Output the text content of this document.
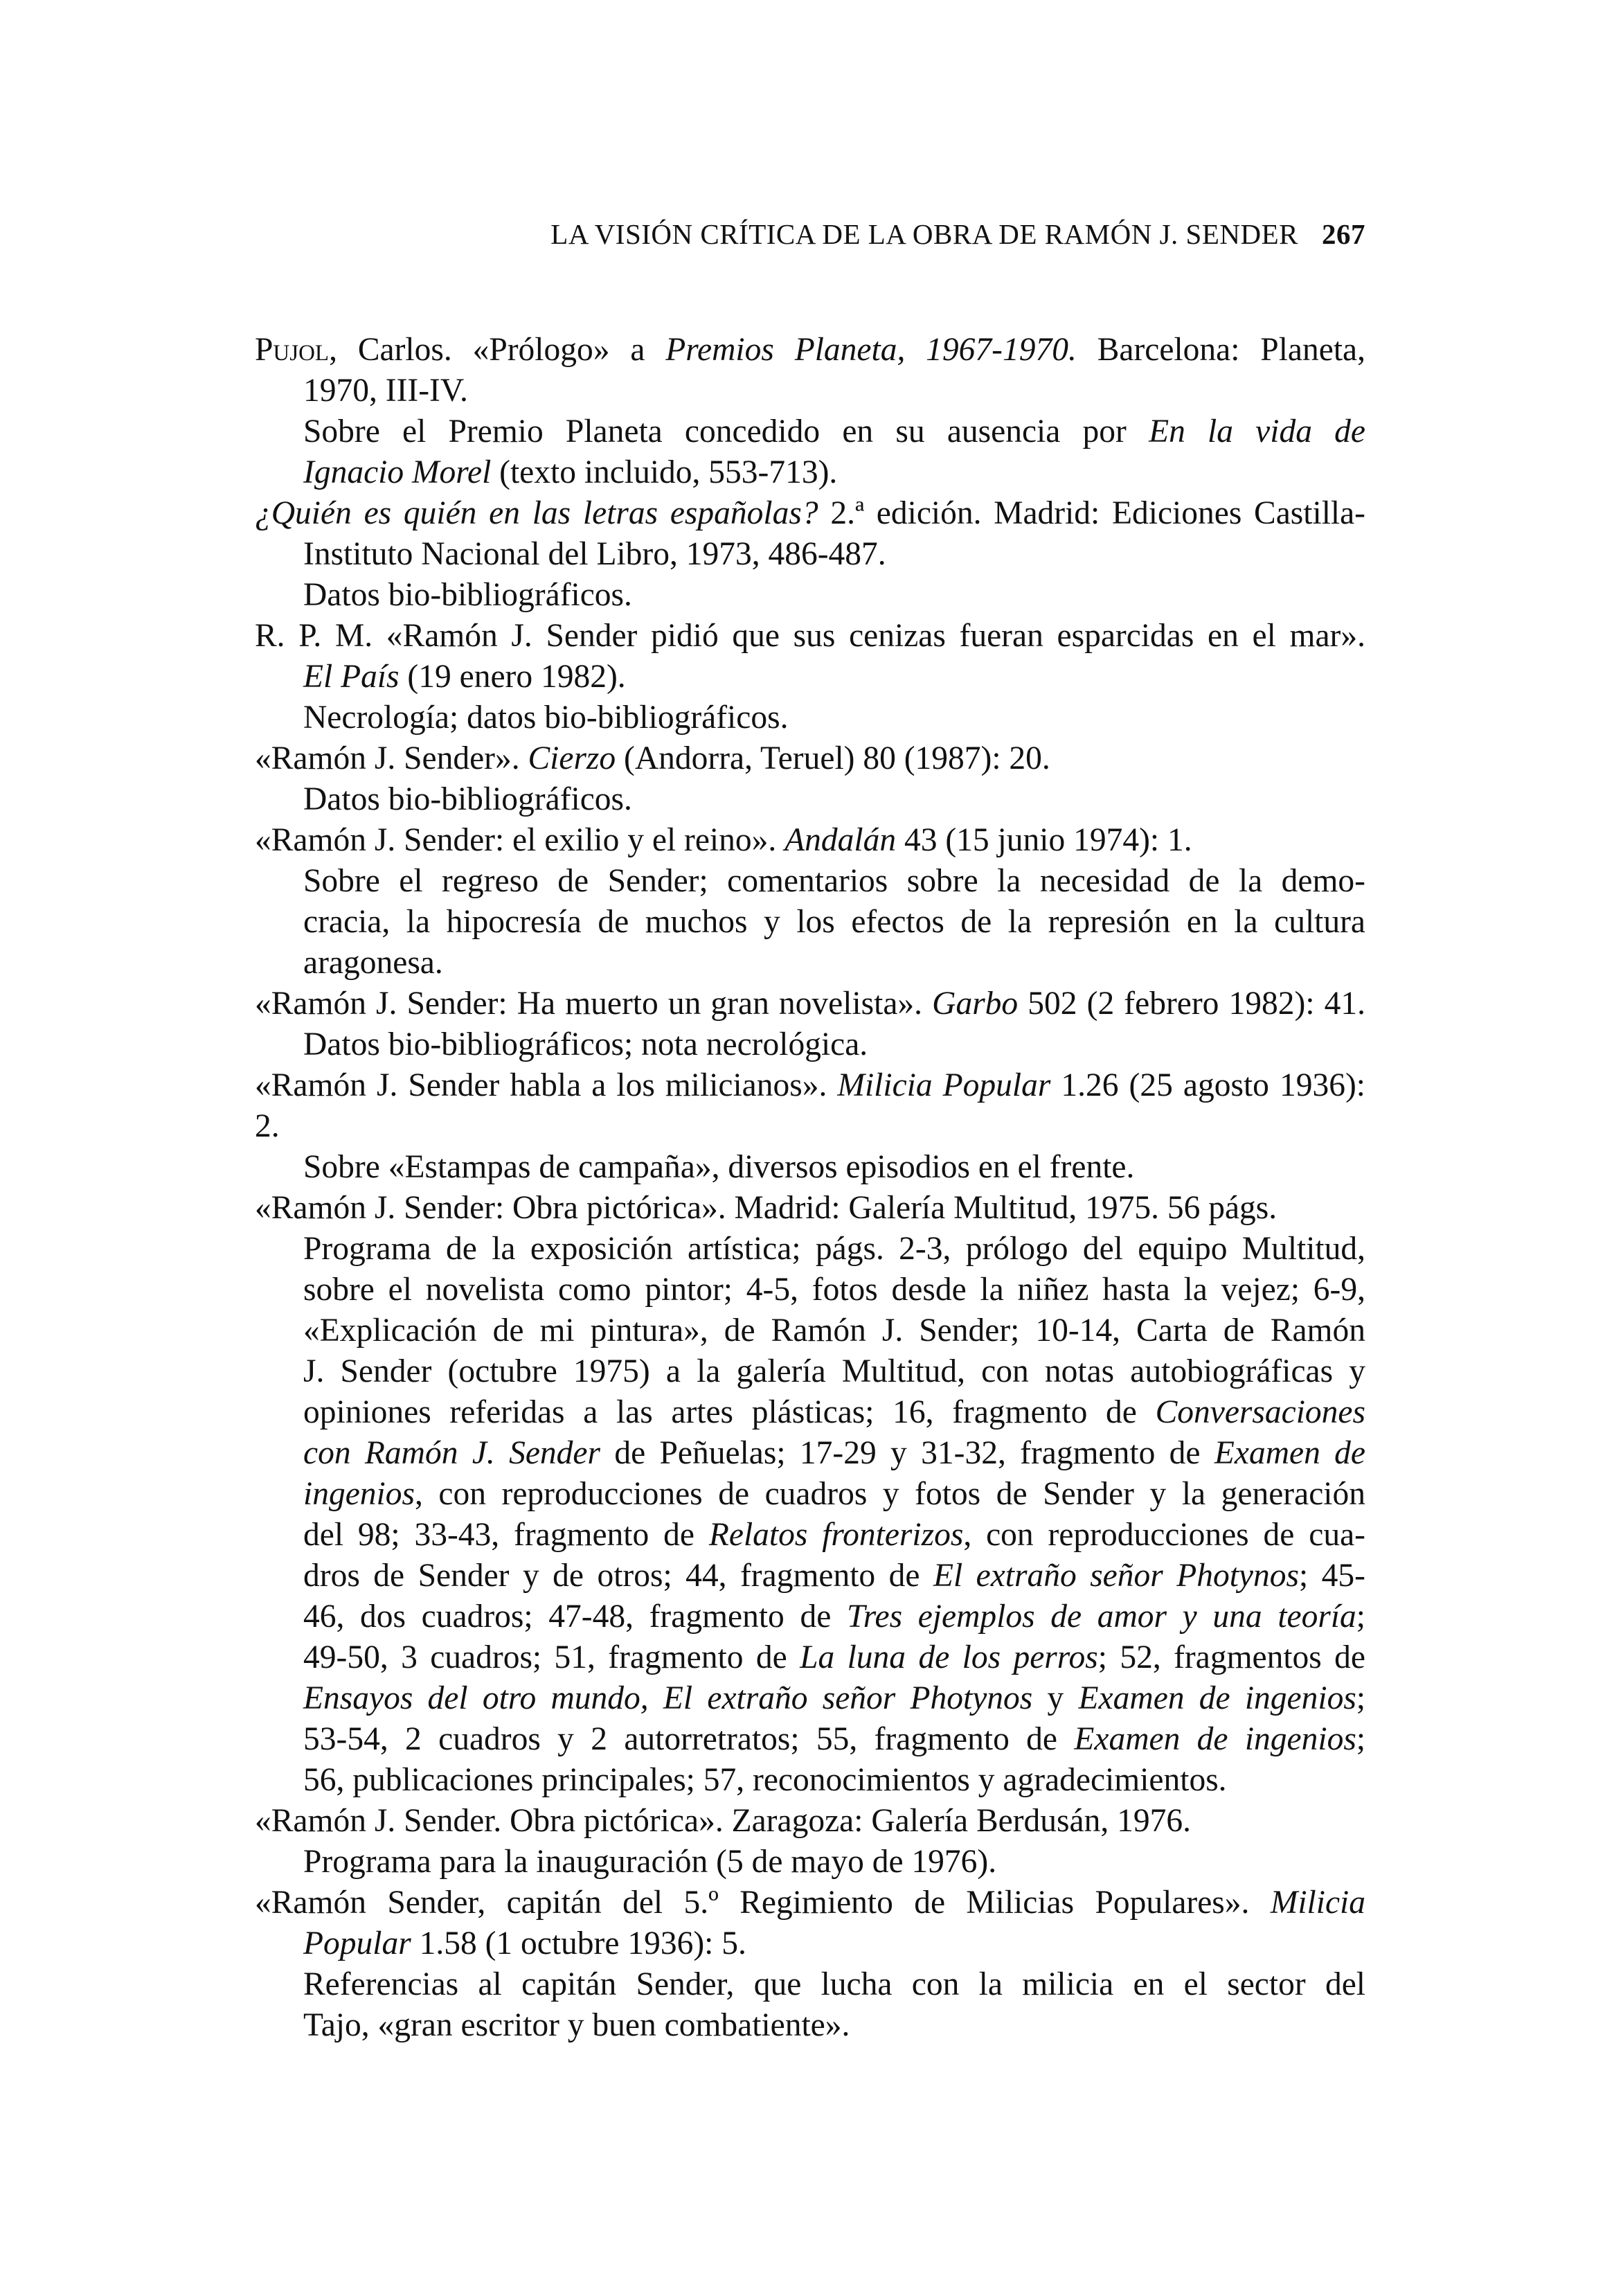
LA VISIÓN CRÍTICA DE LA OBRA DE RAMÓN J. SENDER 267
Pujol, Carlos. «Prólogo» a Premios Planeta, 1967-1970. Barcelona: Planeta,
1970, III-IV.
Sobre el Premio Planeta concedido en su ausencia por En la vida de
Ignacio Morel (texto incluido, 553-713).
¿Quién es quién en las letras españolas? 2.ª edición. Madrid: Ediciones Castilla-
Instituto Nacional del Libro, 1973, 486-487.
Datos bio-bibliográficos.
R. P. M. «Ramón J. Sender pidió que sus cenizas fueran esparcidas en el mar».
El País (19 enero 1982).
Necrología; datos bio-bibliográficos.
«Ramón J. Sender». Cierzo (Andorra, Teruel) 80 (1987): 20.
Datos bio-bibliográficos.
«Ramón J. Sender: el exilio y el reino». Andalán 43 (15 junio 1974): 1.
Sobre el regreso de Sender; comentarios sobre la necesidad de la demo-
cracia, la hipocresía de muchos y los efectos de la represión en la cultura
aragonesa.
«Ramón J. Sender: Ha muerto un gran novelista». Garbo 502 (2 febrero 1982): 41.
Datos bio-bibliográficos; nota necrológica.
«Ramón J. Sender habla a los milicianos». Milicia Popular 1.26 (25 agosto 1936): 2.
Sobre «Estampas de campaña», diversos episodios en el frente.
«Ramón J. Sender: Obra pictórica». Madrid: Galería Multitud, 1975. 56 págs.
Programa de la exposición artística; págs. 2-3, prólogo del equipo Multitud,
sobre el novelista como pintor; 4-5, fotos desde la niñez hasta la vejez; 6-9,
«Explicación de mi pintura», de Ramón J. Sender; 10-14, Carta de Ramón
J. Sender (octubre 1975) a la galería Multitud, con notas autobiográficas y
opiniones referidas a las artes plásticas; 16, fragmento de Conversaciones
con Ramón J. Sender de Peñuelas; 17-29 y 31-32, fragmento de Examen de
ingenios, con reproducciones de cuadros y fotos de Sender y la generación
del 98; 33-43, fragmento de Relatos fronterizos, con reproducciones de cua-
dros de Sender y de otros; 44, fragmento de El extraño señor Photynos; 45-
46, dos cuadros; 47-48, fragmento de Tres ejemplos de amor y una teoría;
49-50, 3 cuadros; 51, fragmento de La luna de los perros; 52, fragmentos de
Ensayos del otro mundo, El extraño señor Photynos y Examen de ingenios;
53-54, 2 cuadros y 2 autorretratos; 55, fragmento de Examen de ingenios;
56, publicaciones principales; 57, reconocimientos y agradecimientos.
«Ramón J. Sender. Obra pictórica». Zaragoza: Galería Berdusán, 1976.
Programa para la inauguración (5 de mayo de 1976).
«Ramón Sender, capitán del 5.º Regimiento de Milicias Populares». Milicia
Popular 1.58 (1 octubre 1936): 5.
Referencias al capitán Sender, que lucha con la milicia en el sector del
Tajo, «gran escritor y buen combatiente».
